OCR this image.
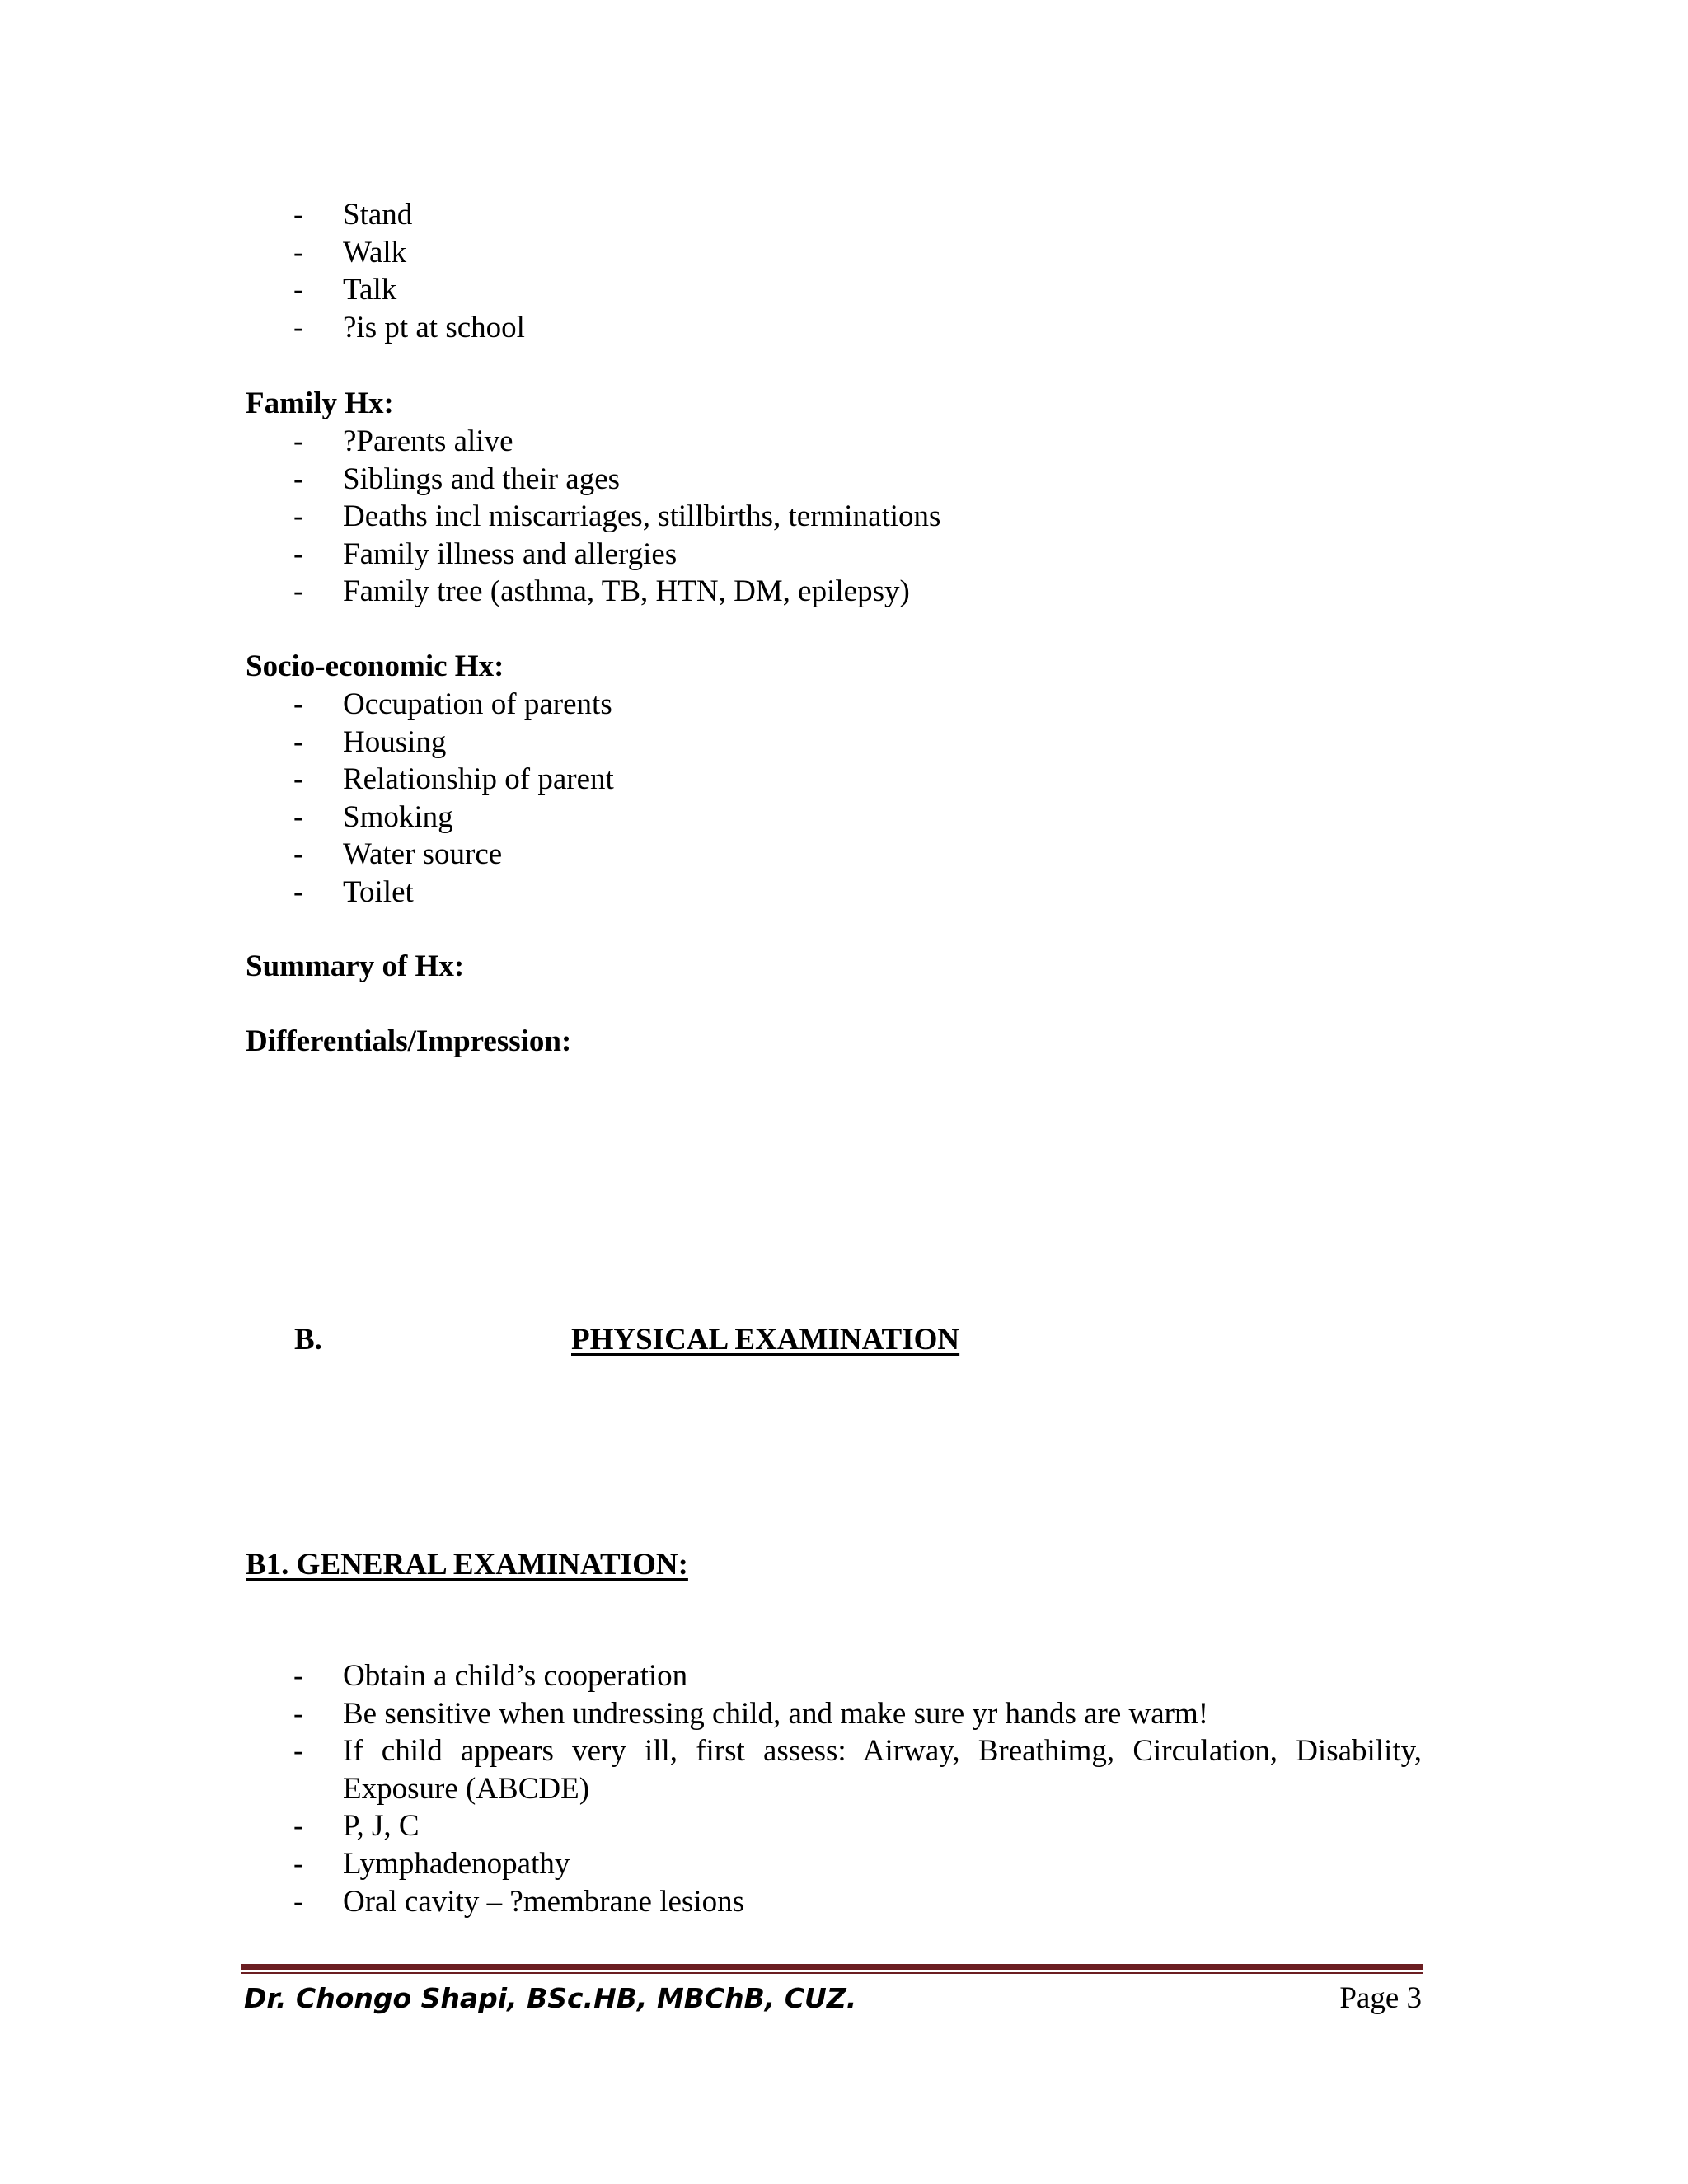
- Stand
- Walk
- Talk
- ?is pt at school

Family Hx:

- ?Parents alive
- Siblings and their ages
- Deaths incl miscarriages, stillbirths, terminations
- Family illness and allergies
- Family tree (asthma, TB, HTN, DM, epilepsy)

Socio-economic Hx:

- Occupation of parents
- Housing
- Relationship of parent
- Smoking
- Water source
- Toilet

Summary of Hx:

Differentials/Impression:

B.	PHYSICAL EXAMINATION
B1. GENERAL EXAMINATION:
- Obtain a child’s cooperation
- Be sensitive when undressing child, and make sure yr hands are warm!
- If child appears very ill, first assess: Airway, Breathimg, Circulation, Disability, Exposure (ABCDE)
- P, J, C
- Lymphadenopathy
- Oral cavity – ?membrane lesions
Dr. Chongo Shapi, BSc.HB, MBChB, CUZ.	Page 3
